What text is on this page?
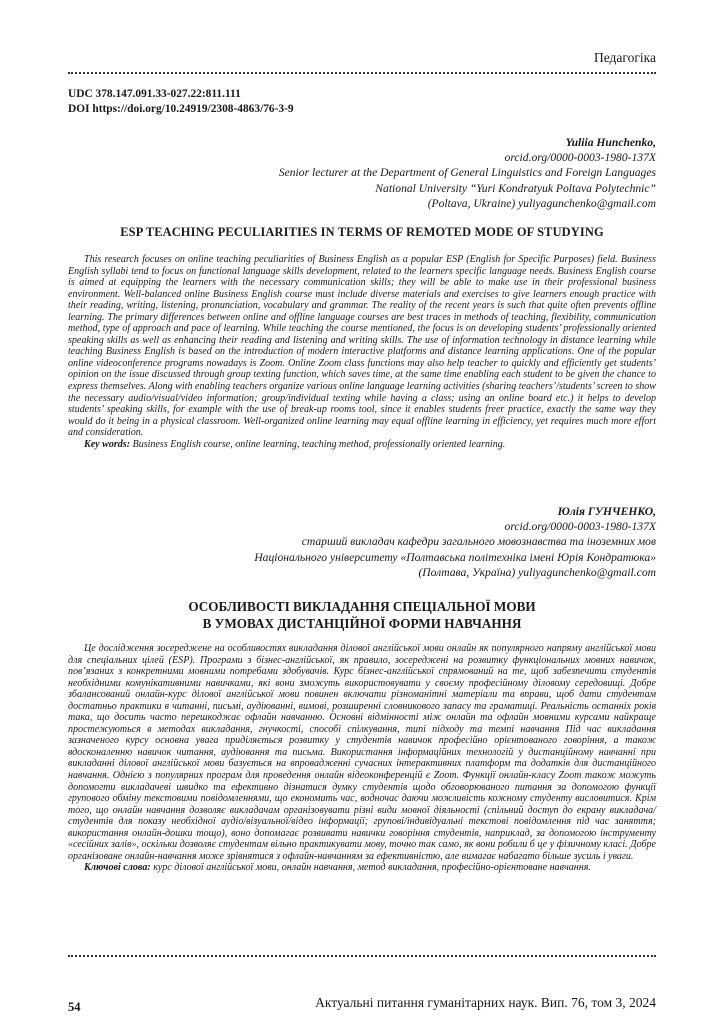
Педагогіка
UDC 378.147.091.33-027.22:811.111
DOI https://doi.org/10.24919/2308-4863/76-3-9
Yuliia Hunchenko,
orcid.org/0000-0003-1980-137X
Senior lecturer at the Department of General Linguistics and Foreign Languages
National University “Yuri Kondratyuk Poltava Polytechnic”
(Poltava, Ukraine) yuliyagunchenko@gmail.com
ESP TEACHING PECULIARITIES IN TERMS OF REMOTED MODE OF STUDYING

This research focuses on online teaching peculiarities of Business English as a popular ESP (English for Specific Purposes) field. Business English syllabi tend to focus on functional language skills development, related to the learners specific language needs. Business English course is aimed at equipping the learners with the necessary communication skills; they will be able to make use in their professional business environment. Well-balanced online Business English course must include diverse materials and exercises to give learners enough practice with their reading, writing, listening, pronunciation, vocabulary and grammar. The reality of the recent years is such that quite often prevents offline learning. The primary differences between online and offline language courses are best traces in methods of teaching, flexibility, communication method, type of approach and pace of learning. While teaching the course mentioned, the focus is on developing students’ professionally oriented speaking skills as well as enhancing their reading and listening and writing skills. The use of information technology in distance learning while teaching Business English is based on the introduction of modern interactive platforms and distance learning applications. One of the popular online videoconference programs nowadays is Zoom. Online Zoom class functions may also help teacher to quickly and efficiently get students’ opinion on the issue discussed through group texting function, which saves time, at the same time enabling each student to be given the chance to express themselves. Along with enabling teachers organize various online language learning activities (sharing teachers’/students’ screen to show the necessary audio/visual/video information; group/individual texting while having a class; using an online board etc.) it helps to develop students’ speaking skills, for example with the use of break-up rooms tool, since it enables students freer practice, exactly the same way they would do it being in a physical classroom. Well-organized online learning may equal offline learning in efficiency, yet requires much more effort and consideration.

Key words: Business English course, online learning, teaching method, professionally oriented learning.

Юлія ГУНЧЕНКО,
orcid.org/0000-0003-1980-137X
старший викладач кафедри загального мовознавства та іноземних мов
Національного університету «Полтавська політехніка імені Юрія Кондратюка»
(Полтава, Україна) yuliyagunchenko@gmail.com
ОСОБЛИВОСТІ ВИКЛАДАННЯ СПЕЦІАЛЬНОЇ МОВИ
В УМОВАХ ДИСТАНЦІЙНОЇ ФОРМИ НАВЧАННЯ

Це дослідження зосереджене на особливостях викладання ділової англійської мови онлайн як популярного напряму англійської мови для спеціальних цілей (ESP). Програми з бізнес-англійської, як правило, зосереджені на розвитку функціональних мовних навичок, пов’язаних з конкретними мовними потребами здобувачів. Курс бізнес-англійської спрямований на те, щоб забезпечити студентів необхідними комунікативними навичками, які вони зможуть використовувати у своєму професійному діловому середовищі. Добре збалансований онлайн-курс ділової англійської мови повинен включати різноманітні матеріали та вправи, щоб дати студентам достатньо практики в читанні, письмі, аудіюванні, вимові, розширенні словникового запасу та граматиці. Реальність останніх років така, що досить часто перешкоджає офлайн навчанню. Основні відмінності між онлайн та офлайн мовними курсами найкраще простежуються в методах викладання, гнучкості, способі спілкування, типі підходу та темпі навчання Під час викладання зазначеного курсу основна увага приділяється розвитку у студентів навичок професійно орієнтованого говоріння, а також вдосконаленню навичок читання, аудіювання та письма. Використання інформаційних технологій у дистанційному навчанні при викладанні ділової англійської мови базується на впровадженні сучасних інтерактивних платформ та додатків для дистанційного навчання. Однією з популярних програм для проведення онлайн відеоконференцій є Zoom. Функції онлайн-класу Zoom також можуть допомогти викладачеві швидко та ефективно дізнатися думку студентів щодо обговорюваного питання за допомогою функції групового обміну текстовими повідомленнями, що економить час, водночас даючи можливість кожному студенту висловитися. Крім того, що онлайн навчання дозволяє викладачам організовувати різні види мовної діяльності (спільний доступ до екрану викладача/студентів для показу необхідної аудіо/візуальної/відео інформації; групові/індивідуальні текстові повідомлення під час заняття; використання онлайн-дошки тощо), воно допомагає розвивати навички говоріння студентів, наприклад, за допомогою інструменту «сесійних залів», оскільки дозволяє студентам вільно практикувати мову, точно так само, як вони робили б це у фізичному класі. Добре організоване онлайн-навчання може зрівнятися з офлайн-навчанням за ефективністю, але вимагає набагато більше зусиль і уваги.

Ключові слова: курс ділової англійської мови, онлайн навчання, метод викладання, професійно-орієнтоване навчання.

54	Актуальні питання гуманітарних наук. Вип. 76, том 3, 2024
